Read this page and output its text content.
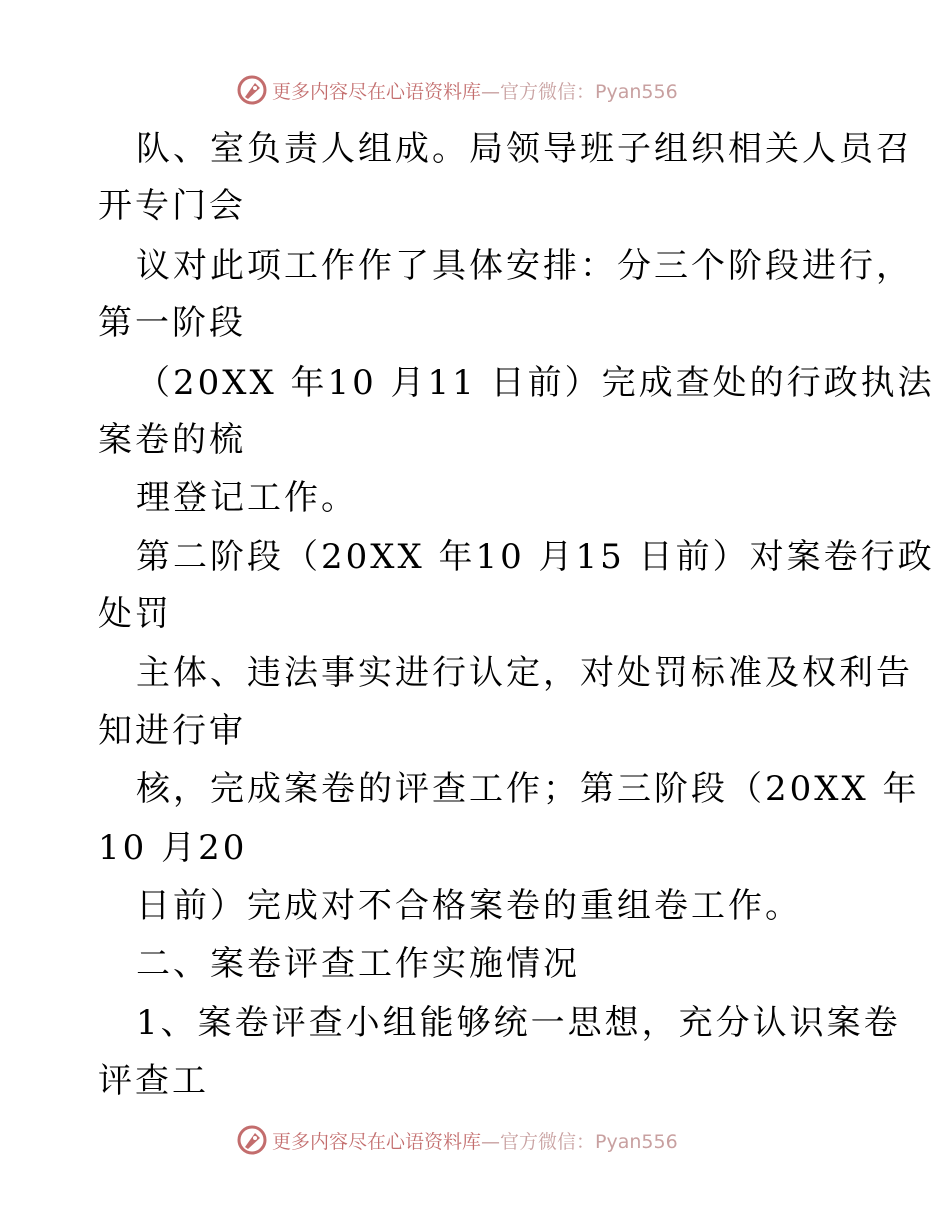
更多内容尽在心语资料库—官方微信：Pyan556
队、室负责人组成。局领导班子组织相关人员召
开专门会
议对此项工作作了具体安排：分三个阶段进行，
第一阶段
（20XX 年10 月11 日前）完成查处的行政执法
案卷的梳
理登记工作。
第二阶段（20XX 年10 月15 日前）对案卷行政
处罚
主体、违法事实进行认定，对处罚标准及权利告
知进行审
核，完成案卷的评查工作；第三阶段（20XX 年
10 月20
日前）完成对不合格案卷的重组卷工作。
二、案卷评查工作实施情况
1、案卷评查小组能够统一思想，充分认识案卷
评查工
更多内容尽在心语资料库—官方微信：Pyan556
